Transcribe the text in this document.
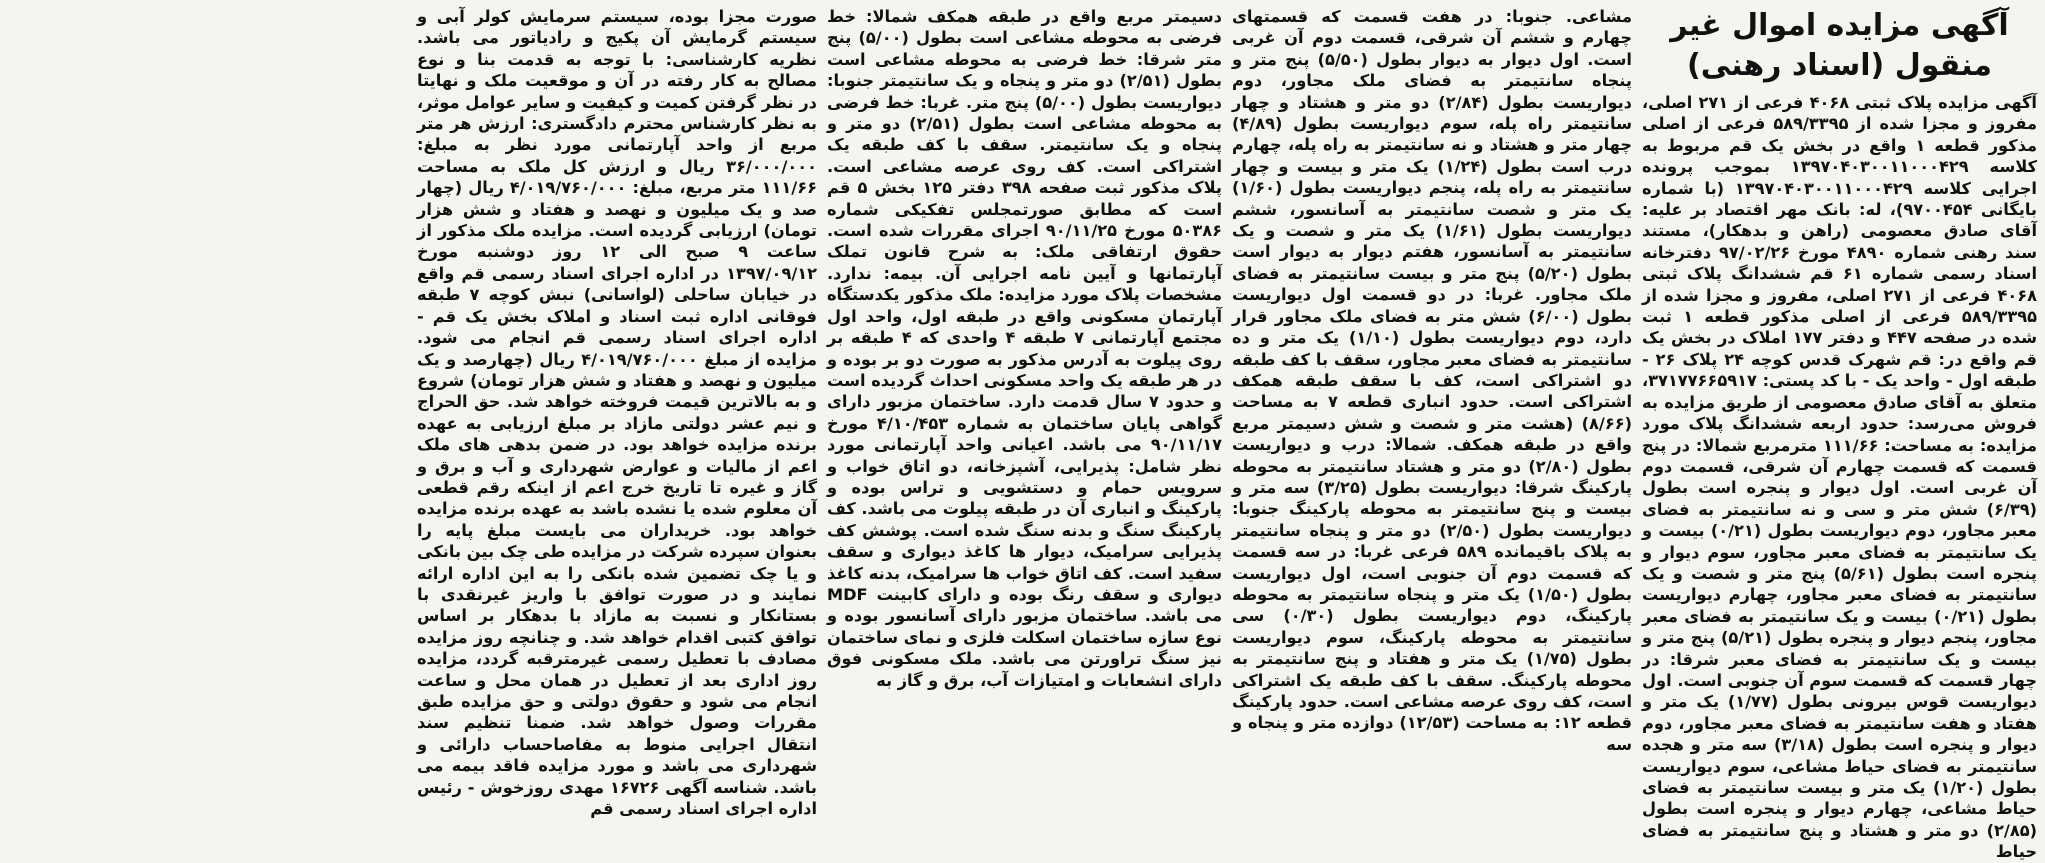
آگهی مزایده اموال غیر منقول (اسناد رهنی)

آگهی مزایده پلاک ثبتی ۴۰۶۸ فرعی از ۲۷۱ اصلی، مفروز و مجزا شده از ۵۸۹/۳۳۹۵ فرعی از اصلی مذکور قطعه ۱ واقع در بخش یک قم مربوط به کلاسه ۱۳۹۷۰۴۰۳۰۰۱۱۰۰۰۴۲۹ بموجب پرونده اجرایی کلاسه ۱۳۹۷۰۴۰۳۰۰۱۱۰۰۰۴۲۹ (با شماره بایگانی ۹۷۰۰۴۵۴)، له: بانک مهر اقتصاد بر علیه: آقای صادق معصومی (راهن و بدهکار)، مستند سند رهنی شماره ۴۸۹۰ مورخ ۹۷/۰۲/۲۶ دفترخانه اسناد رسمی شماره ۶۱ قم ششدانگ پلاک ثبتی ۴۰۶۸ فرعی از ۲۷۱ اصلی، مفروز و مجزا شده از ۵۸۹/۳۳۹۵ فرعی از اصلی مذکور قطعه ۱ ثبت شده در صفحه ۴۴۷ و دفتر ۱۷۷ املاک در بخش یک قم واقع در: قم شهرک قدس کوچه ۲۴ پلاک ۲۶ - طبقه اول - واحد یک - با کد پستی: ۳۷۱۷۷۶۶۵۹۱۷، متعلق به آقای صادق معصومی از طریق مزایده به فروش می‌رسد: حدود اربعه ششدانگ پلاک مورد مزایده: به مساحت: ۱۱۱/۶۶ مترمربع شمالا: در پنج قسمت که قسمت چهارم آن شرقی، قسمت دوم آن غربی است. اول دیوار و پنجره است بطول (۶/۳۹) شش متر و سی و نه سانتیمتر به فضای معبر مجاور، دوم دیواریست بطول (۰/۲۱) بیست و یک سانتیمتر به فضای معبر مجاور، سوم دیوار و پنجره است بطول (۵/۶۱) پنج متر و شصت و یک سانتیمتر به فضای معبر مجاور، چهارم دیواریست بطول (۰/۲۱) بیست و یک سانتیمتر به فضای معبر مجاور، پنجم دیوار و پنجره بطول (۵/۲۱) پنج متر و بیست و یک سانتیمتر به فضای معبر شرقا: در چهار قسمت که قسمت سوم آن جنوبی است. اول دیواریست قوس بیرونی بطول (۱/۷۷) یک متر و هفتاد و هفت سانتیمتر به فضای معبر مجاور، دوم دیوار و پنجره است بطول (۳/۱۸) سه متر و هجده سانتیمتر به فضای حیاط مشاعی، سوم دیواریست بطول (۱/۲۰) یک متر و بیست سانتیمتر به فضای حیاط مشاعی، چهارم دیوار و پنجره است بطول (۲/۸۵) دو متر و هشتاد و پنج سانتیمتر به فضای حیاط

مشاعی. جنوبا: در هفت قسمت که قسمتهای چهارم و ششم آن شرقی، قسمت دوم آن غربی است. اول دیوار به دیوار بطول (۵/۵۰) پنج متر و پنجاه سانتیمتر به فضای ملک مجاور، دوم دیواریست بطول (۲/۸۴) دو متر و هشتاد و چهار سانتیمتر راه پله، سوم دیواریست بطول (۴/۸۹) چهار متر و هشتاد و نه سانتیمتر به راه پله، چهارم درب است بطول (۱/۲۴) یک متر و بیست و چهار سانتیمتر به راه پله، پنجم دیواریست بطول (۱/۶۰) یک متر و شصت سانتیمتر به آسانسور، ششم دیواریست بطول (۱/۶۱) یک متر و شصت و یک سانتیمتر به آسانسور، هفتم دیوار به دیوار است بطول (۵/۲۰) پنج متر و بیست سانتیمتر به فضای ملک مجاور. غربا: در دو قسمت اول دیواریست بطول (۶/۰۰) شش متر به فضای ملک مجاور قرار دارد، دوم دیواریست بطول (۱/۱۰) یک متر و ده سانتیمتر به فضای معبر مجاور، سقف با کف طبقه دو اشتراکی است، کف با سقف طبقه همکف اشتراکی است. حدود انباری قطعه ۷ به مساحت (۸/۶۶) (هشت متر و شصت و شش دسیمتر مربع واقع در طبقه همکف. شمالا: درب و دیواریست بطول (۲/۸۰) دو متر و هشتاد سانتیمتر به محوطه پارکینگ شرقا: دیواریست بطول (۳/۲۵) سه متر و بیست و پنج سانتیمتر به محوطه پارکینگ جنوبا: دیواریست بطول (۲/۵۰) دو متر و پنجاه سانتیمتر به پلاک باقیمانده ۵۸۹ فرعی غربا: در سه قسمت که قسمت دوم آن جنوبی است، اول دیواریست بطول (۱/۵۰) یک متر و پنجاه سانتیمتر به محوطه پارکینگ، دوم دیواریست بطول (۰/۳۰) سی سانتیمتر به محوطه پارکینگ، سوم دیواریست بطول (۱/۷۵) یک متر و هفتاد و پنج سانتیمتر به محوطه پارکینگ. سقف با کف طبقه یک اشتراکی است، کف روی عرصه مشاعی است. حدود پارکینگ قطعه ۱۲: به مساحت (۱۲/۵۳) دوازده متر و پنجاه و سه

دسیمتر مربع واقع در طبقه همکف شمالا: خط فرضی به محوطه مشاعی است بطول (۵/۰۰) پنج متر شرقا: خط فرضی به محوطه مشاعی است بطول (۲/۵۱) دو متر و پنجاه و یک سانتیمتر جنوبا: دیواریست بطول (۵/۰۰) پنج متر. غربا: خط فرضی به محوطه مشاعی است بطول (۲/۵۱) دو متر و پنجاه و یک سانتیمتر. سقف با کف طبقه یک اشتراکی است. کف روی عرصه مشاعی است. پلاک مذکور ثبت صفحه ۳۹۸ دفتر ۱۲۵ بخش ۵ قم است که مطابق صورتمجلس تفکیکی شماره ۵۰۳۸۶ مورخ ۹۰/۱۱/۲۵ اجرای مقررات شده است. حقوق ارتفاقی ملک: به شرح قانون تملک آپارتمانها و آیین نامه اجرایی آن. بیمه: ندارد. مشخصات پلاک مورد مزایده: ملک مذکور یکدستگاه آپارتمان مسکونی واقع در طبقه اول، واحد اول مجتمع آپارتمانی ۷ طبقه ۴ واحدی که ۴ طبقه بر روی پیلوت به آدرس مذکور به صورت دو بر بوده و در هر طبقه یک واحد مسکونی احداث گردیده است و حدود ۷ سال قدمت دارد. ساختمان مزبور دارای گواهی پایان ساختمان به شماره ۴/۱۰/۴۵۳ مورخ ۹۰/۱۱/۱۷ می باشد. اعیانی واحد آپارتمانی مورد نظر شامل: پذیرایی، آشپزخانه، دو اتاق خواب و سرویس حمام و دستشویی و تراس بوده و پارکینگ و انباری آن در طبقه پیلوت می باشد. کف پارکینگ سنگ و بدنه سنگ شده است. پوشش کف پذیرایی سرامیک، دیوار ها کاغذ دیواری و سقف سفید است. کف اتاق خواب ها سرامیک، بدنه کاغذ دیواری و سقف رنگ بوده و دارای کابینت MDF می باشد. ساختمان مزبور دارای آسانسور بوده و نوع سازه ساختمان اسکلت فلزی و نمای ساختمان نیز سنگ تراورتن می باشد. ملک مسکونی فوق دارای انشعابات و امتیازات آب، برق و گاز به

صورت مجزا بوده، سیستم سرمایش کولر آبی و سیستم گرمایش آن پکیج و رادیاتور می باشد. نظریه کارشناسی: با توجه به قدمت بنا و نوع مصالح به کار رفته در آن و موقعیت ملک و نهایتا در نظر گرفتن کمیت و کیفیت و سایر عوامل موثر، به نظر کارشناس محترم دادگستری: ارزش هر متر مربع از واحد آپارتمانی مورد نظر به مبلغ: ۳۶/۰۰۰/۰۰۰ ریال و ارزش کل ملک به مساحت ۱۱۱/۶۶ متر مربع، مبلغ: ۴/۰۱۹/۷۶۰/۰۰۰ ریال (چهار صد و یک میلیون و نهصد و هفتاد و شش هزار تومان) ارزیابی گردیده است. مزایده ملک مذکور از ساعت ۹ صبح الی ۱۲ روز دوشنبه مورخ ۱۳۹۷/۰۹/۱۲ در اداره اجرای اسناد رسمی قم واقع در خیابان ساحلی (لواسانی) نبش کوچه ۷ طبقه فوقانی اداره ثبت اسناد و املاک بخش یک قم - اداره اجرای اسناد رسمی قم انجام می شود. مزایده از مبلغ ۴/۰۱۹/۷۶۰/۰۰۰ ریال (چهارصد و یک میلیون و نهصد و هفتاد و شش هزار تومان) شروع و به بالاترین قیمت فروخته خواهد شد. حق الحراج و نیم عشر دولتی مازاد بر مبلغ ارزیابی به عهده برنده مزایده خواهد بود. در ضمن بدهی های ملک اعم از مالیات و عوارض شهرداری و آب و برق و گاز و غیره تا تاریخ خرج اعم از اینکه رقم قطعی آن معلوم شده یا نشده باشد به عهده برنده مزایده خواهد بود. خریداران می بایست مبلغ پایه را بعنوان سپرده شرکت در مزایده طی چک بین بانکی و یا چک تضمین شده بانکی را به این اداره ارائه نمایند و در صورت توافق با واریز غیرنقدی با بستانکار و نسبت به مازاد با بدهکار بر اساس توافق کتبی اقدام خواهد شد. و چنانچه روز مزایده مصادف با تعطیل رسمی غیرمترقبه گردد، مزایده روز اداری بعد از تعطیل در همان محل و ساعت انجام می شود و حقوق دولتی و حق مزایده طبق مقررات وصول خواهد شد. ضمنا تنظیم سند انتقال اجرایی منوط به مفاصاحساب دارائی و شهرداری می باشد و مورد مزایده فاقد بیمه می باشد. شناسه آگهی ۱۶۷۲۶ مهدی روزخوش - رئیس اداره اجرای اسناد رسمی قم
